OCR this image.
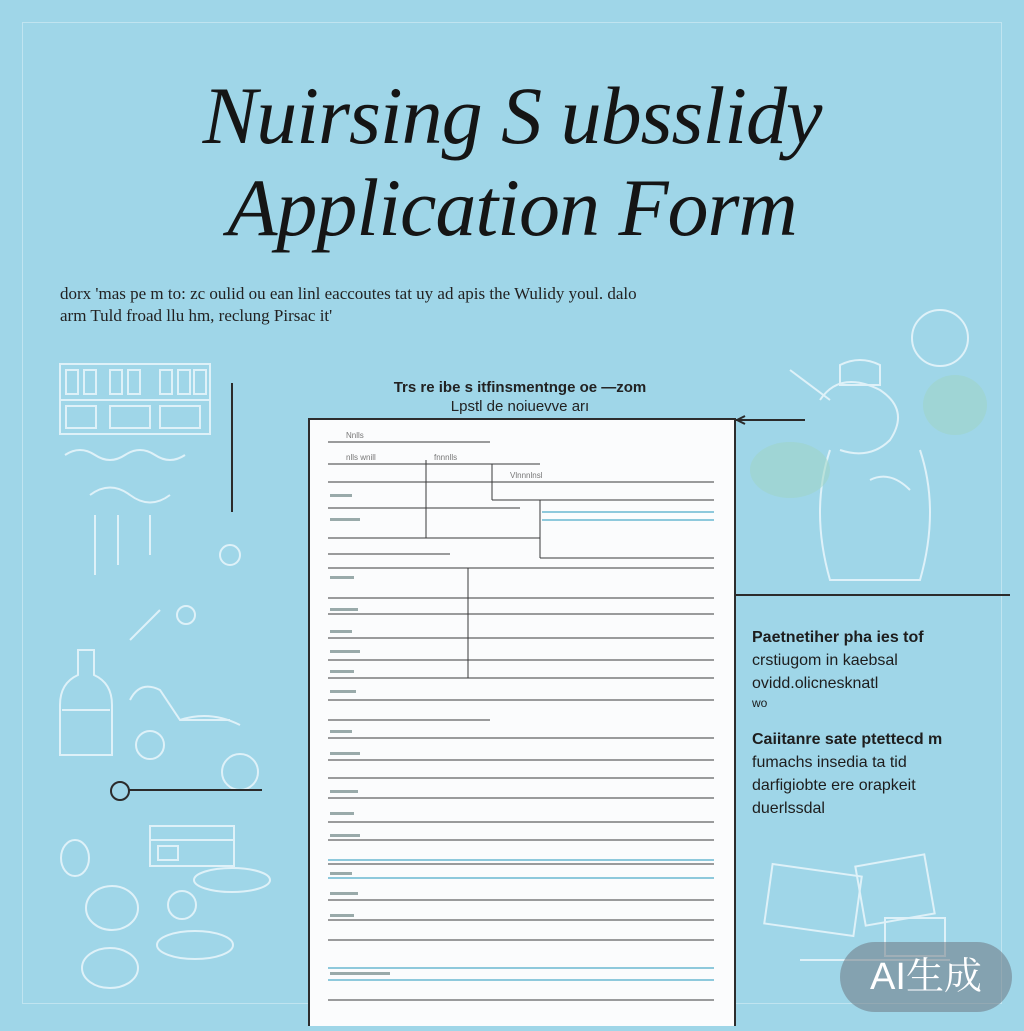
Nuirsing S ubsslidy
Application Form
dorx 'mas pe m to: zc oulid ou ean linl eaccoutes tat uy ad apis the Wulidy youl. dalo
arm Tuld froad llu hm, reclung Pirsac it'
Trs re ibe s itfinsmentnge oe —zom
Lpstl de noiuevve arı
Nnlls
nlls wnill	fnnnlls
Vlnnnlnsl
Paetnetiher pha ies tof
crstiugom in kaebsal
ovidd.olicnesknatl
wo
Caiitanre sate ptettecd m
fumachs insedia ta tid
darfigiobte ere orapkeit
duerlssdal
AI生成
